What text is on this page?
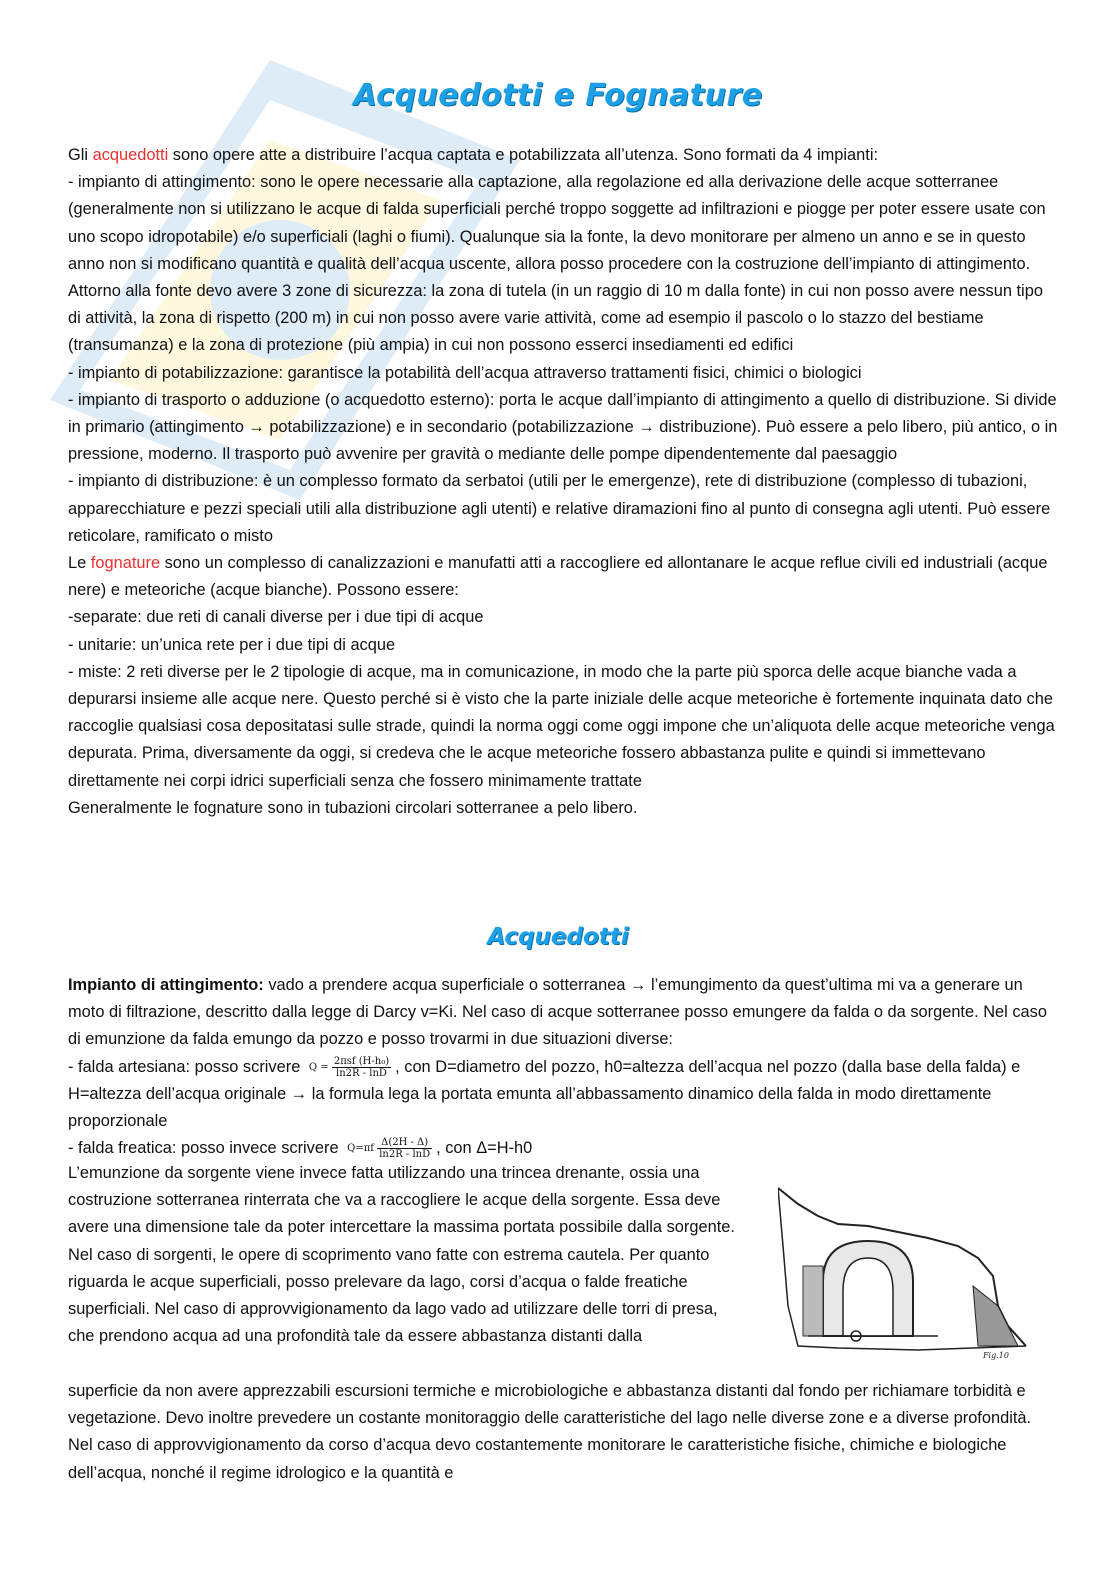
Acquedotti e Fognature

Gli acquedotti sono opere atte a distribuire l’acqua captata e potabilizzata all’utenza. Sono formati da 4 impianti:

- impianto di attingimento: sono le opere necessarie alla captazione, alla regolazione ed alla derivazione delle acque sotterranee (generalmente non si utilizzano le acque di falda superficiali perché troppo soggette ad infiltrazioni e piogge per poter essere usate con uno scopo idropotabile) e/o superficiali (laghi o fiumi). Qualunque sia la fonte, la devo monitorare per almeno un anno e se in questo anno non si modificano quantità e qualità dell’acqua uscente, allora posso procedere con la costruzione dell’impianto di attingimento. Attorno alla fonte devo avere 3 zone di sicurezza: la zona di tutela (in un raggio di 10 m dalla fonte) in cui non posso avere nessun tipo di attività, la zona di rispetto (200 m) in cui non posso avere varie attività, come ad esempio il pascolo o lo stazzo del bestiame (transumanza) e la zona di protezione (più ampia) in cui non possono esserci insediamenti ed edifici

- impianto di potabilizzazione: garantisce la potabilità dell’acqua attraverso trattamenti fisici, chimici o biologici

- impianto di trasporto o adduzione (o acquedotto esterno): porta le acque dall’impianto di attingimento a quello di distribuzione. Si divide in primario (attingimento → potabilizzazione) e in secondario (potabilizzazione → distribuzione). Può essere a pelo libero, più antico, o in pressione, moderno. Il trasporto può avvenire per gravità o mediante delle pompe dipendentemente dal paesaggio

- impianto di distribuzione: è un complesso formato da serbatoi (utili per le emergenze), rete di distribuzione (complesso di tubazioni, apparecchiature e pezzi speciali utili alla distribuzione agli utenti) e relative diramazioni fino al punto di consegna agli utenti. Può essere reticolare, ramificato o misto

Le fognature sono un complesso di canalizzazioni e manufatti atti a raccogliere ed allontanare le acque reflue civili ed industriali (acque nere) e meteoriche (acque bianche). Possono essere:

-separate: due reti di canali diverse per i due tipi di acque

- unitarie: un’unica rete per i due tipi di acque

- miste: 2 reti diverse per le 2 tipologie di acque, ma in comunicazione, in modo che la parte più sporca delle acque bianche vada a depurarsi insieme alle acque nere. Questo perché si è visto che la parte iniziale delle acque meteoriche è fortemente inquinata dato che raccoglie qualsiasi cosa depositatasi sulle strade, quindi la norma oggi come oggi impone che un’aliquota delle acque meteoriche venga depurata. Prima, diversamente da oggi, si credeva che le acque meteoriche fossero abbastanza pulite e quindi si immettevano direttamente nei corpi idrici superficiali senza che fossero minimamente trattate

Generalmente le fognature sono in tubazioni circolari sotterranee a pelo libero.

Acquedotti

Impianto di attingimento: vado a prendere acqua superficiale o sotterranea → l’emungimento da quest’ultima mi va a generare un moto di filtrazione, descritto dalla legge di Darcy v=Ki. Nel caso di acque sotterranee posso emungere da falda o da sorgente. Nel caso di emunzione da falda emungo da pozzo e posso trovarmi in due situazioni diverse:

- falda artesiana: posso scrivere $Q = \frac{\text{2πsf (H-h₀)}}{\ln 2R - \ln D}$ , con D=diametro del pozzo, h0=altezza dell’acqua nel pozzo (dalla base della falda) e H=altezza dell’acqua originale → la formula lega la portata emunta all’abbassamento dinamico della falda in modo direttamente proporzionale

- falda freatica: posso invece scrivere $Q=\pi f \frac{\Delta(2H - \Delta)}{\ln 2R - \ln D}$ , con Δ=H-h0

L’emunzione da sorgente viene invece fatta utilizzando una trincea drenante, ossia una costruzione sotterranea rinterrata che va a raccogliere le acque della sorgente. Essa deve avere una dimensione tale da poter intercettare la massima portata possibile dalla sorgente. Nel caso di sorgenti, le opere di scoprimento vano fatte con estrema cautela. Per quanto riguarda le acque superficiali, posso prelevare da lago, corsi d’acqua o falde freatiche superficiali. Nel caso di approvvigionamento da lago vado ad utilizzare delle torri di presa, che prendono acqua ad una profondità tale da essere abbastanza distanti dalla

superficie da non avere apprezzabili escursioni termiche e microbiologiche e abbastanza distanti dal fondo per richiamare torbidità e vegetazione. Devo inoltre prevedere un costante monitoraggio delle caratteristiche del lago nelle diverse zone e a diverse profondità. Nel caso di approvvigionamento da corso d’acqua devo costantemente monitorare le caratteristiche fisiche, chimiche e biologiche dell’acqua, nonché il regime idrologico e la quantità e

Fig.10
